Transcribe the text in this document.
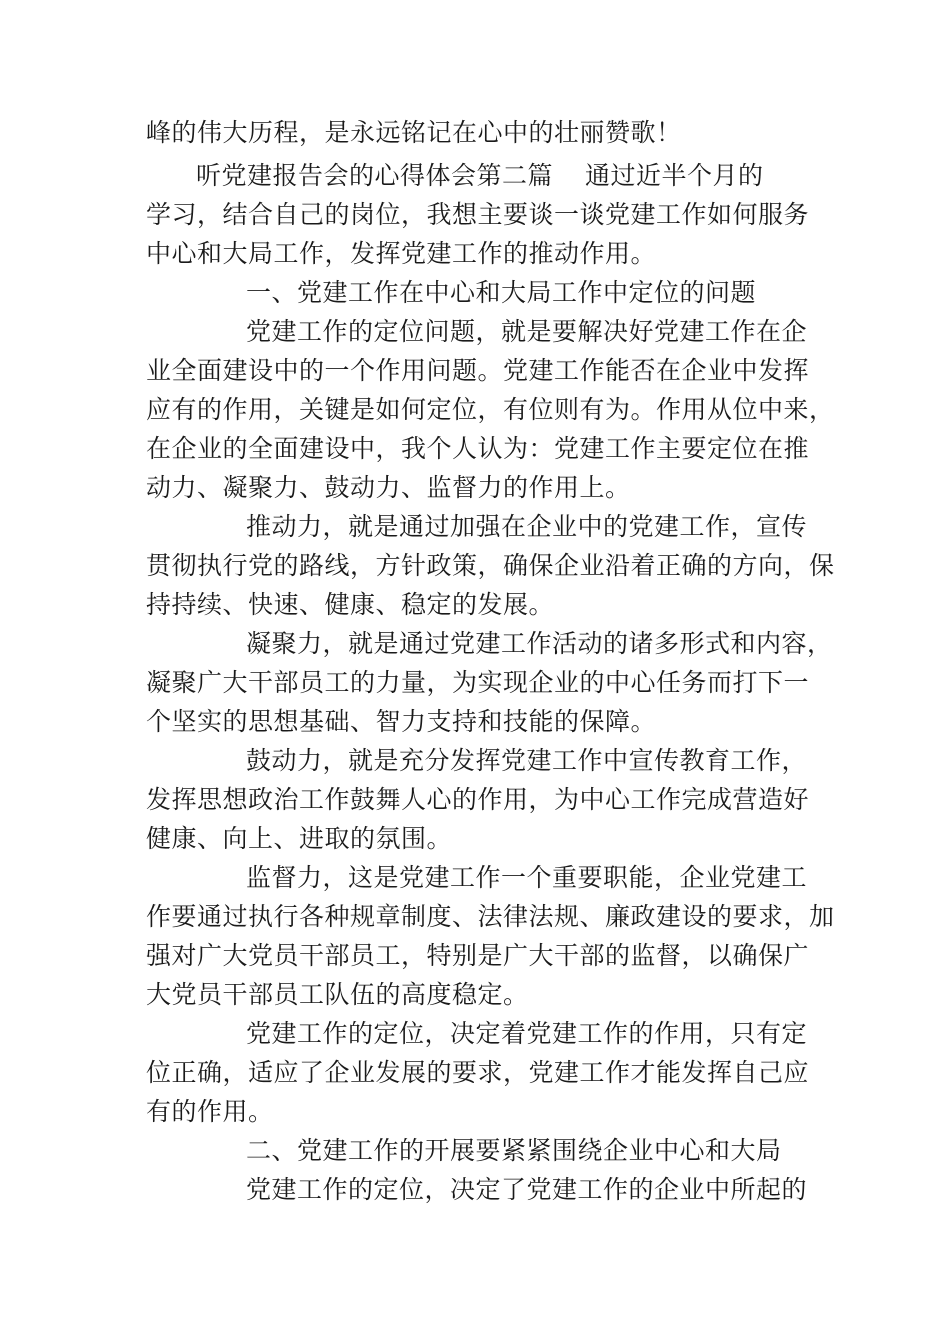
峰的伟大历程，是永远铭记在心中的壮丽赞歌！
听党建报告会的心得体会第二篇 通过近半个月的
学习，结合自己的岗位，我想主要谈一谈党建工作如何服务
中心和大局工作，发挥党建工作的推动作用。
一、党建工作在中心和大局工作中定位的问题
党建工作的定位问题，就是要解决好党建工作在企
业全面建设中的一个作用问题。党建工作能否在企业中发挥
应有的作用，关键是如何定位，有位则有为。作用从位中来，
在企业的全面建设中，我个人认为：党建工作主要定位在推
动力、凝聚力、鼓动力、监督力的作用上。
推动力，就是通过加强在企业中的党建工作，宣传
贯彻执行党的路线，方针政策，确保企业沿着正确的方向，保
持持续、快速、健康、稳定的发展。
凝聚力，就是通过党建工作活动的诸多形式和内容，
凝聚广大干部员工的力量，为实现企业的中心任务而打下一
个坚实的思想基础、智力支持和技能的保障。
鼓动力，就是充分发挥党建工作中宣传教育工作，
发挥思想政治工作鼓舞人心的作用，为中心工作完成营造好
健康、向上、进取的氛围。
监督力，这是党建工作一个重要职能，企业党建工
作要通过执行各种规章制度、法律法规、廉政建设的要求，加
强对广大党员干部员工，特别是广大干部的监督，以确保广
大党员干部员工队伍的高度稳定。
党建工作的定位，决定着党建工作的作用，只有定
位正确，适应了企业发展的要求，党建工作才能发挥自己应
有的作用。
二、党建工作的开展要紧紧围绕企业中心和大局
党建工作的定位，决定了党建工作的企业中所起的
